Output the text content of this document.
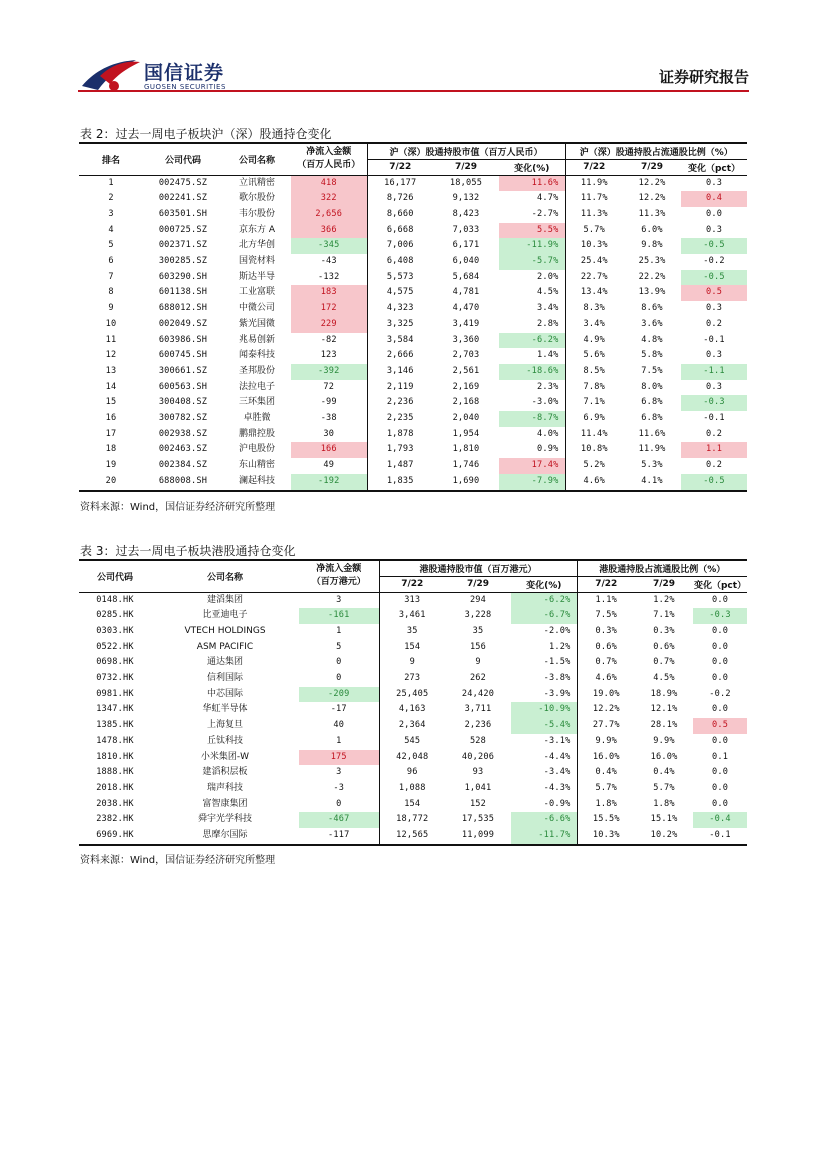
国信证券
GUOSEN SECURITIES
证券研究报告
表 2：过去一周电子板块沪（深）股通持仓变化
排名	公司代码	公司名称	净流入金额
（百万人民币）	沪（深）股通持股市值（百万人民币）			沪（深）股通持股占流通股比例（%）		
				7/22	7/29	变化(%)	7/22	7/29	变化（pct）
1	002475.SZ	立讯精密	418	16,177	18,055	11.6%	11.9%	12.2%	0.3
2	002241.SZ	歌尔股份	322	8,726	9,132	4.7%	11.7%	12.2%	0.4
3	603501.SH	韦尔股份	2,656	8,660	8,423	-2.7%	11.3%	11.3%	0.0
4	000725.SZ	京东方 A	366	6,668	7,033	5.5%	5.7%	6.0%	0.3
5	002371.SZ	北方华创	-345	7,006	6,171	-11.9%	10.3%	9.8%	-0.5
6	300285.SZ	国瓷材料	-43	6,408	6,040	-5.7%	25.4%	25.3%	-0.2
7	603290.SH	斯达半导	-132	5,573	5,684	2.0%	22.7%	22.2%	-0.5
8	601138.SH	工业富联	183	4,575	4,781	4.5%	13.4%	13.9%	0.5
9	688012.SH	中微公司	172	4,323	4,470	3.4%	8.3%	8.6%	0.3
10	002049.SZ	紫光国微	229	3,325	3,419	2.8%	3.4%	3.6%	0.2
11	603986.SH	兆易创新	-82	3,584	3,360	-6.2%	4.9%	4.8%	-0.1
12	600745.SH	闻泰科技	123	2,666	2,703	1.4%	5.6%	5.8%	0.3
13	300661.SZ	圣邦股份	-392	3,146	2,561	-18.6%	8.5%	7.5%	-1.1
14	600563.SH	法拉电子	72	2,119	2,169	2.3%	7.8%	8.0%	0.3
15	300408.SZ	三环集团	-99	2,236	2,168	-3.0%	7.1%	6.8%	-0.3
16	300782.SZ	卓胜微	-38	2,235	2,040	-8.7%	6.9%	6.8%	-0.1
17	002938.SZ	鹏鼎控股	30	1,878	1,954	4.0%	11.4%	11.6%	0.2
18	002463.SZ	沪电股份	166	1,793	1,810	0.9%	10.8%	11.9%	1.1
19	002384.SZ	东山精密	49	1,487	1,746	17.4%	5.2%	5.3%	0.2
20	688008.SH	澜起科技	-192	1,835	1,690	-7.9%	4.6%	4.1%	-0.5
资料来源：Wind，国信证券经济研究所整理
表 3：过去一周电子板块港股通持仓变化
公司代码	公司名称	净流入金额
（百万港元）	港股通持股市值（百万港元）			港股通持股占流通股比例（%）		
			7/22	7/29	变化(%)	7/22	7/29	变化（pct）
0148.HK	建滔集团	3	313	294	-6.2%	1.1%	1.2%	0.0
0285.HK	比亚迪电子	-161	3,461	3,228	-6.7%	7.5%	7.1%	-0.3
0303.HK	VTECH HOLDINGS	1	35	35	-2.0%	0.3%	0.3%	0.0
0522.HK	ASM PACIFIC	5	154	156	1.2%	0.6%	0.6%	0.0
0698.HK	通达集团	0	9	9	-1.5%	0.7%	0.7%	0.0
0732.HK	信利国际	0	273	262	-3.8%	4.6%	4.5%	0.0
0981.HK	中芯国际	-209	25,405	24,420	-3.9%	19.0%	18.9%	-0.2
1347.HK	华虹半导体	-17	4,163	3,711	-10.9%	12.2%	12.1%	0.0
1385.HK	上海复旦	40	2,364	2,236	-5.4%	27.7%	28.1%	0.5
1478.HK	丘钛科技	1	545	528	-3.1%	9.9%	9.9%	0.0
1810.HK	小米集团-W	175	42,048	40,206	-4.4%	16.0%	16.0%	0.1
1888.HK	建滔积层板	3	96	93	-3.4%	0.4%	0.4%	0.0
2018.HK	瑞声科技	-3	1,088	1,041	-4.3%	5.7%	5.7%	0.0
2038.HK	富智康集团	0	154	152	-0.9%	1.8%	1.8%	0.0
2382.HK	舜宇光学科技	-467	18,772	17,535	-6.6%	15.5%	15.1%	-0.4
6969.HK	思摩尔国际	-117	12,565	11,099	-11.7%	10.3%	10.2%	-0.1
资料来源：Wind，国信证券经济研究所整理
